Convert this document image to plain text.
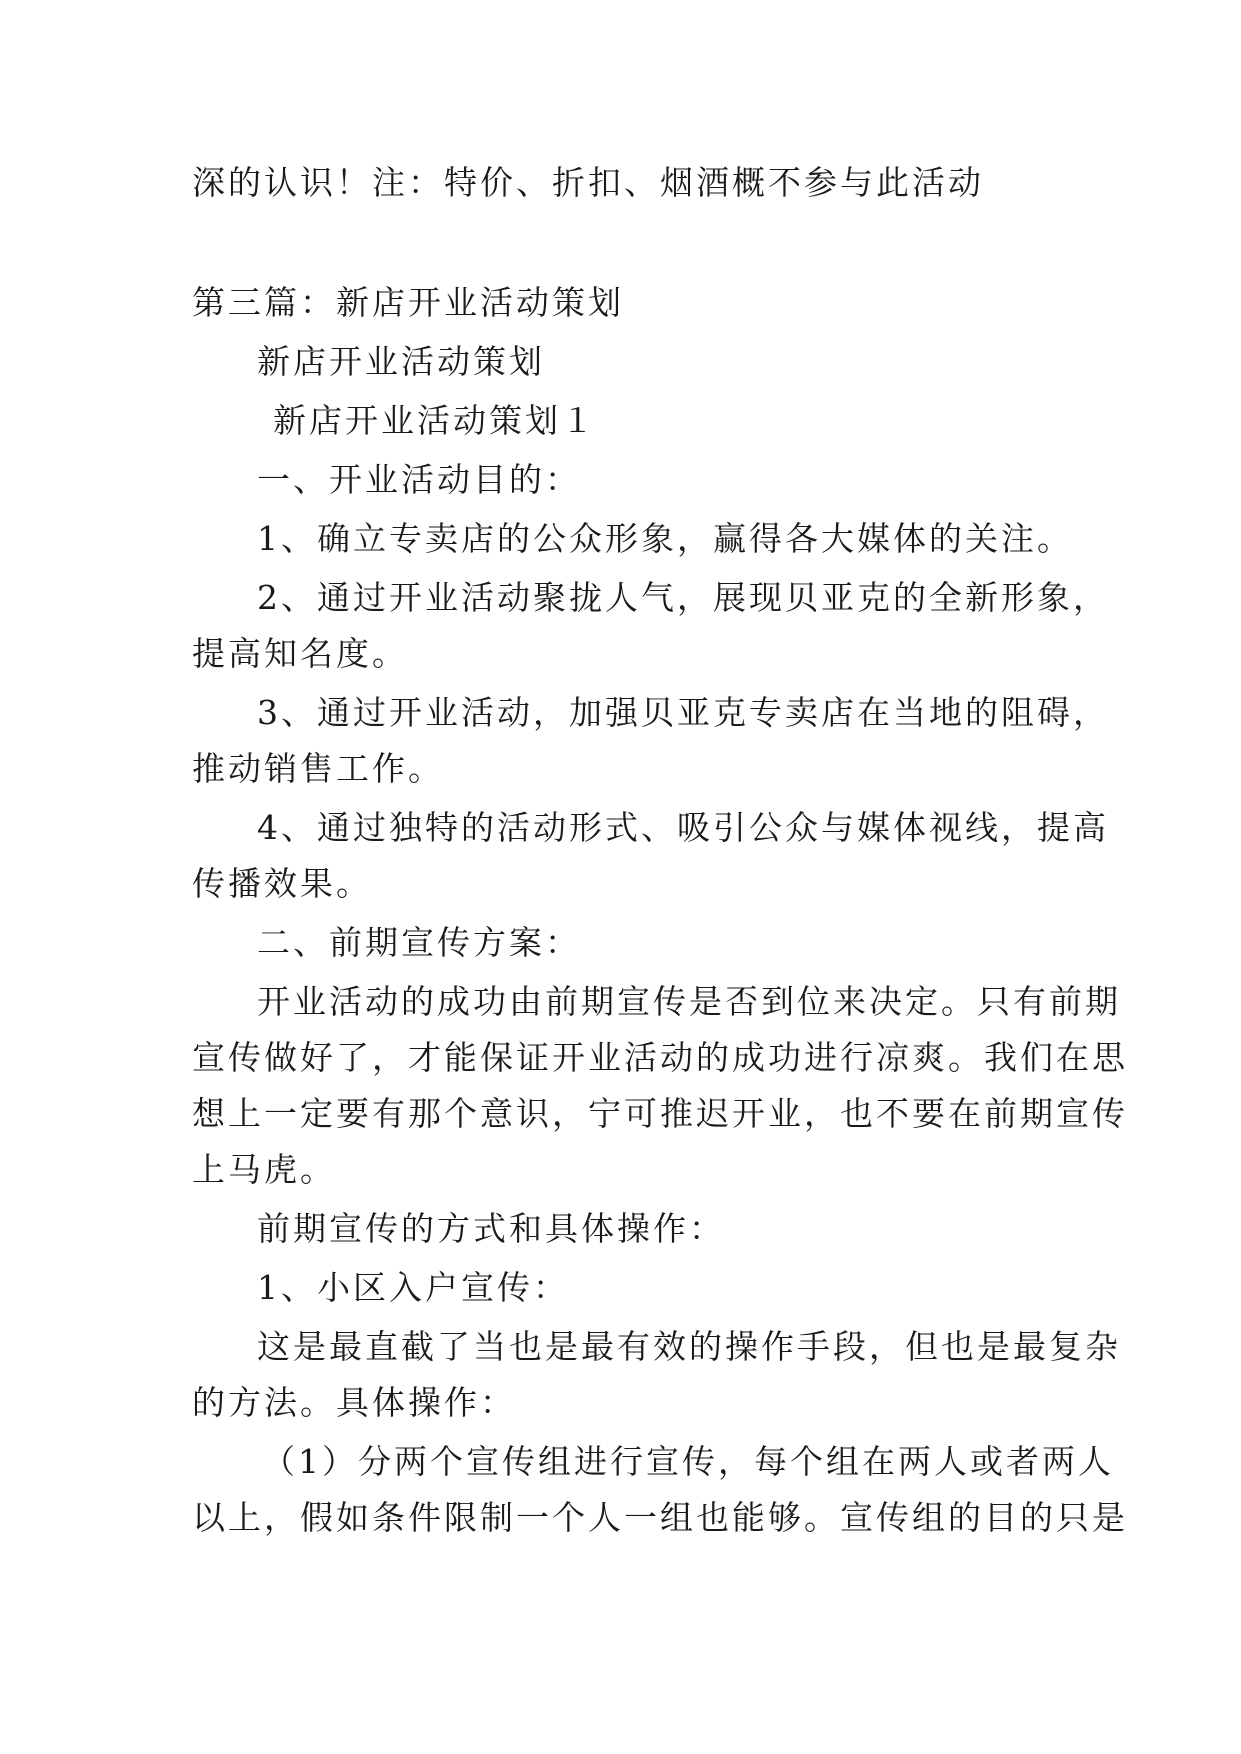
深的认识！注：特价、折扣、烟酒概不参与此活动
第三篇：新店开业活动策划
新店开业活动策划
新店开业活动策划１
一、开业活动目的：
1、确立专卖店的公众形象，赢得各大媒体的关注。
2、通过开业活动聚拢人气，展现贝亚克的全新形象，
提高知名度。
3、通过开业活动，加强贝亚克专卖店在当地的阻碍，
推动销售工作。
4、通过独特的活动形式、吸引公众与媒体视线，提高
传播效果。
二、前期宣传方案：
开业活动的成功由前期宣传是否到位来决定。只有前期
宣传做好了，才能保证开业活动的成功进行凉爽。我们在思
想上一定要有那个意识，宁可推迟开业，也不要在前期宣传
上马虎。
前期宣传的方式和具体操作：
1、小区入户宣传：
这是最直截了当也是最有效的操作手段，但也是最复杂
的方法。具体操作：
（1）分两个宣传组进行宣传，每个组在两人或者两人
以上，假如条件限制一个人一组也能够。宣传组的目的只是
